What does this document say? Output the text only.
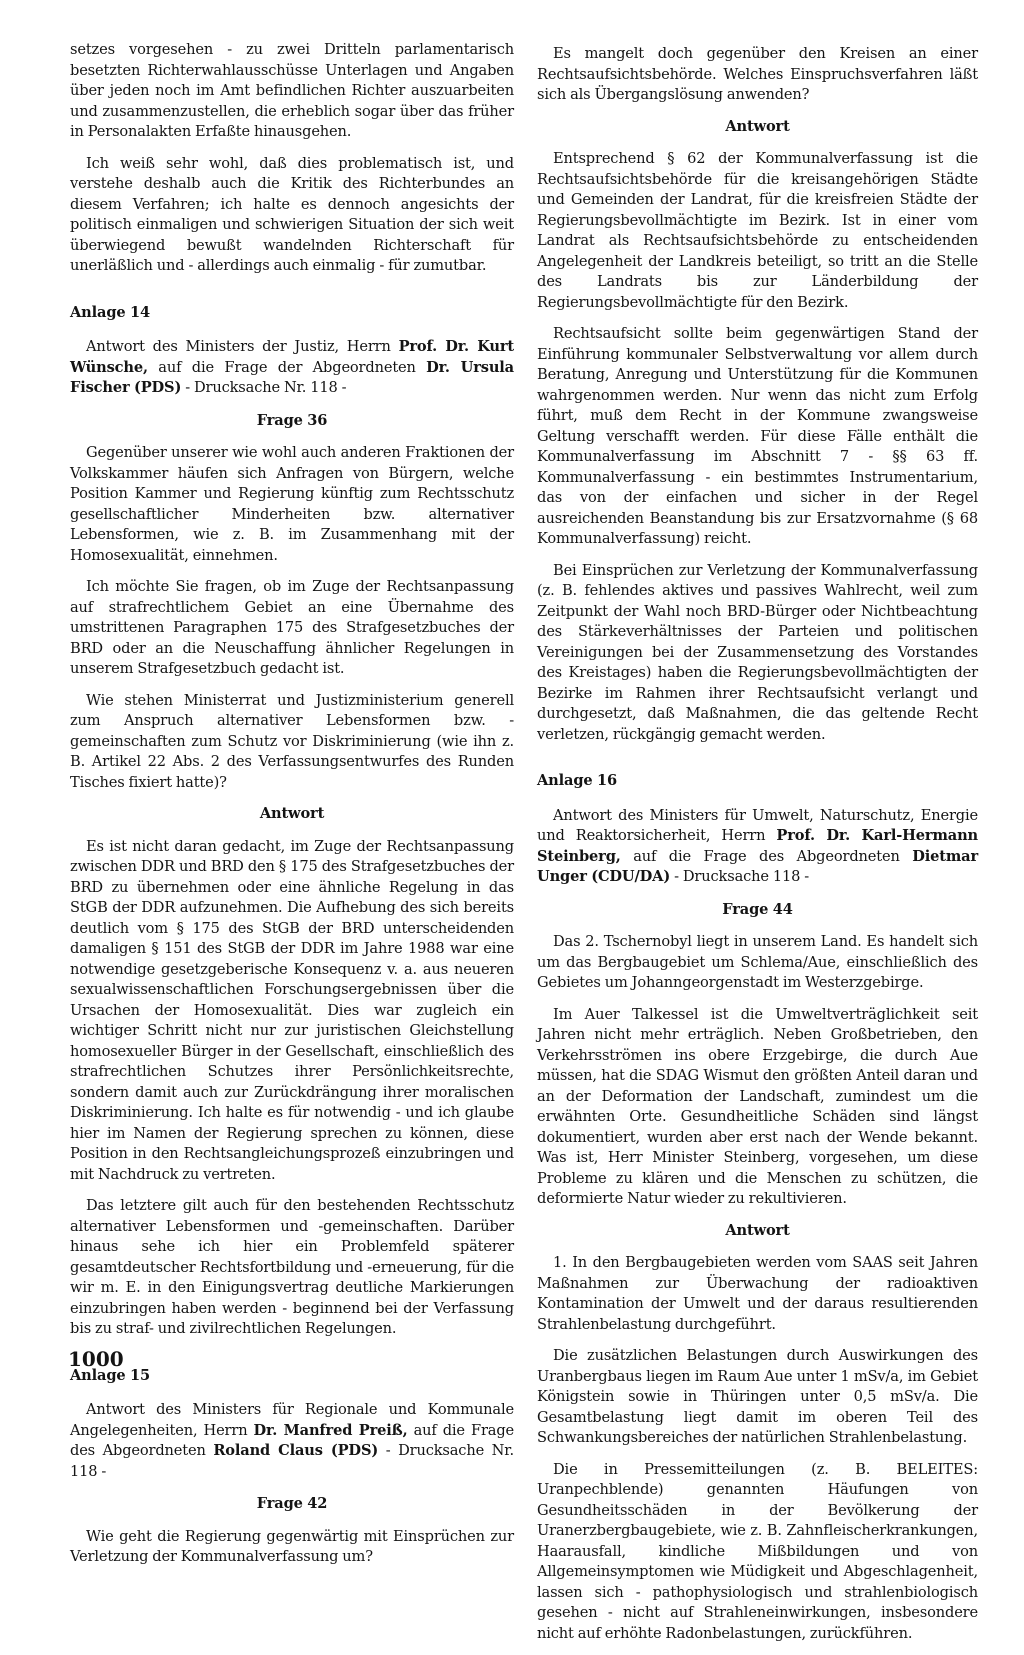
setzes vorgesehen - zu zwei Dritteln parlamentarisch besetzten Richterwahlausschüsse Unterlagen und Angaben über jeden noch im Amt befindlichen Richter auszuarbeiten und zusammenzustellen, die erheblich sogar über das früher in Personalakten Erfaßte hinausgehen.

Ich weiß sehr wohl, daß dies problematisch ist, und verstehe deshalb auch die Kritik des Richterbundes an diesem Verfahren; ich halte es dennoch angesichts der politisch einmaligen und schwierigen Situation der sich weit überwiegend bewußt wandelnden Richterschaft für unerläßlich und - allerdings auch einmalig - für zumutbar.

Anlage 14

Antwort des Ministers der Justiz, Herrn Prof. Dr. Kurt Wünsche, auf die Frage der Abgeordneten Dr. Ursula Fischer (PDS) - Drucksache Nr. 118 -

Frage 36

Gegenüber unserer wie wohl auch anderen Fraktionen der Volkskammer häufen sich Anfragen von Bürgern, welche Position Kammer und Regierung künftig zum Rechtsschutz gesellschaftlicher Minderheiten bzw. alternativer Lebensformen, wie z. B. im Zusammenhang mit der Homosexualität, einnehmen.

Ich möchte Sie fragen, ob im Zuge der Rechtsanpassung auf strafrechtlichem Gebiet an eine Übernahme des umstrittenen Paragraphen 175 des Strafgesetzbuches der BRD oder an die Neuschaffung ähnlicher Regelungen in unserem Strafgesetzbuch gedacht ist.

Wie stehen Ministerrat und Justizministerium generell zum Anspruch alternativer Lebensformen bzw. -gemeinschaften zum Schutz vor Diskriminierung (wie ihn z. B. Artikel 22 Abs. 2 des Verfassungsentwurfes des Runden Tisches fixiert hatte)?

Antwort

Es ist nicht daran gedacht, im Zuge der Rechtsanpassung zwischen DDR und BRD den § 175 des Strafgesetzbuches der BRD zu übernehmen oder eine ähnliche Regelung in das StGB der DDR aufzunehmen. Die Aufhebung des sich bereits deutlich vom § 175 des StGB der BRD unterscheidenden damaligen § 151 des StGB der DDR im Jahre 1988 war eine notwendige gesetzgeberische Konsequenz v. a. aus neueren sexualwissenschaftlichen Forschungsergebnissen über die Ursachen der Homosexualität. Dies war zugleich ein wichtiger Schritt nicht nur zur juristischen Gleichstellung homosexueller Bürger in der Gesellschaft, einschließlich des strafrechtlichen Schutzes ihrer Persönlichkeitsrechte, sondern damit auch zur Zurückdrängung ihrer moralischen Diskriminierung. Ich halte es für notwendig - und ich glaube hier im Namen der Regierung sprechen zu können, diese Position in den Rechtsangleichungsprozeß einzubringen und mit Nachdruck zu vertreten.

Das letztere gilt auch für den bestehenden Rechtsschutz alternativer Lebensformen und -gemeinschaften. Darüber hinaus sehe ich hier ein Problemfeld späterer gesamtdeutscher Rechtsfortbildung und -erneuerung, für die wir m. E. in den Einigungsvertrag deutliche Markierungen einzubringen haben werden - beginnend bei der Verfassung bis zu straf- und zivilrechtlichen Regelungen.

Anlage 15

Antwort des Ministers für Regionale und Kommunale Angelegenheiten, Herrn Dr. Manfred Preiß, auf die Frage des Abgeordneten Roland Claus (PDS) - Drucksache Nr. 118 -

Frage 42

Wie geht die Regierung gegenwärtig mit Einsprüchen zur Verletzung der Kommunalverfassung um?

Es mangelt doch gegenüber den Kreisen an einer Rechtsaufsichtsbehörde. Welches Einspruchsverfahren läßt sich als Übergangslösung anwenden?

Antwort

Entsprechend § 62 der Kommunalverfassung ist die Rechtsaufsichtsbehörde für die kreisangehörigen Städte und Gemeinden der Landrat, für die kreisfreien Städte der Regierungsbevollmächtigte im Bezirk. Ist in einer vom Landrat als Rechtsaufsichtsbehörde zu entscheidenden Angelegenheit der Landkreis beteiligt, so tritt an die Stelle des Landrats bis zur Länderbildung der Regierungsbevollmächtigte für den Bezirk.

Rechtsaufsicht sollte beim gegenwärtigen Stand der Einführung kommunaler Selbstverwaltung vor allem durch Beratung, Anregung und Unterstützung für die Kommunen wahrgenommen werden. Nur wenn das nicht zum Erfolg führt, muß dem Recht in der Kommune zwangsweise Geltung verschafft werden. Für diese Fälle enthält die Kommunalverfassung im Abschnitt 7 - §§ 63 ff. Kommunalverfassung - ein bestimmtes Instrumentarium, das von der einfachen und sicher in der Regel ausreichenden Beanstandung bis zur Ersatzvornahme (§ 68 Kommunalverfassung) reicht.

Bei Einsprüchen zur Verletzung der Kommunalverfassung (z. B. fehlendes aktives und passives Wahlrecht, weil zum Zeitpunkt der Wahl noch BRD-Bürger oder Nichtbeachtung des Stärkeverhältnisses der Parteien und politischen Vereinigungen bei der Zusammensetzung des Vorstandes des Kreistages) haben die Regierungsbevollmächtigten der Bezirke im Rahmen ihrer Rechtsaufsicht verlangt und durchgesetzt, daß Maßnahmen, die das geltende Recht verletzen, rückgängig gemacht werden.

Anlage 16

Antwort des Ministers für Umwelt, Naturschutz, Energie und Reaktorsicherheit, Herrn Prof. Dr. Karl-Hermann Steinberg, auf die Frage des Abgeordneten Dietmar Unger (CDU/DA) - Drucksache 118 -

Frage 44

Das 2. Tschernobyl liegt in unserem Land. Es handelt sich um das Bergbaugebiet um Schlema/Aue, einschließlich des Gebietes um Johanngeorgenstadt im Westerzgebirge.

Im Auer Talkessel ist die Umweltverträglichkeit seit Jahren nicht mehr erträglich. Neben Großbetrieben, den Verkehrsströmen ins obere Erzgebirge, die durch Aue müssen, hat die SDAG Wismut den größten Anteil daran und an der Deformation der Landschaft, zumindest um die erwähnten Orte. Gesundheitliche Schäden sind längst dokumentiert, wurden aber erst nach der Wende bekannt. Was ist, Herr Minister Steinberg, vorgesehen, um diese Probleme zu klären und die Menschen zu schützen, die deformierte Natur wieder zu rekultivieren.

Antwort

1. In den Bergbaugebieten werden vom SAAS seit Jahren Maßnahmen zur Überwachung der radioaktiven Kontamination der Umwelt und der daraus resultierenden Strahlenbelastung durchgeführt.

Die zusätzlichen Belastungen durch Auswirkungen des Uranbergbaus liegen im Raum Aue unter 1 mSv/a, im Gebiet Königstein sowie in Thüringen unter 0,5 mSv/a. Die Gesamtbelastung liegt damit im oberen Teil des Schwankungsbereiches der natürlichen Strahlenbelastung.

Die in Pressemitteilungen (z. B. BELEITES: Uranpechblende) genannten Häufungen von Gesundheitsschäden in der Bevölkerung der Uranerzbergbaugebiete, wie z. B. Zahnfleischerkrankungen, Haarausfall, kindliche Mißbildungen und von Allgemeinsymptomen wie Müdigkeit und Abgeschlagenheit, lassen sich - pathophysiologisch und strahlenbiologisch gesehen - nicht auf Strahleneinwirkungen, insbesondere nicht auf erhöhte Radonbelastungen, zurückführen.

1000
